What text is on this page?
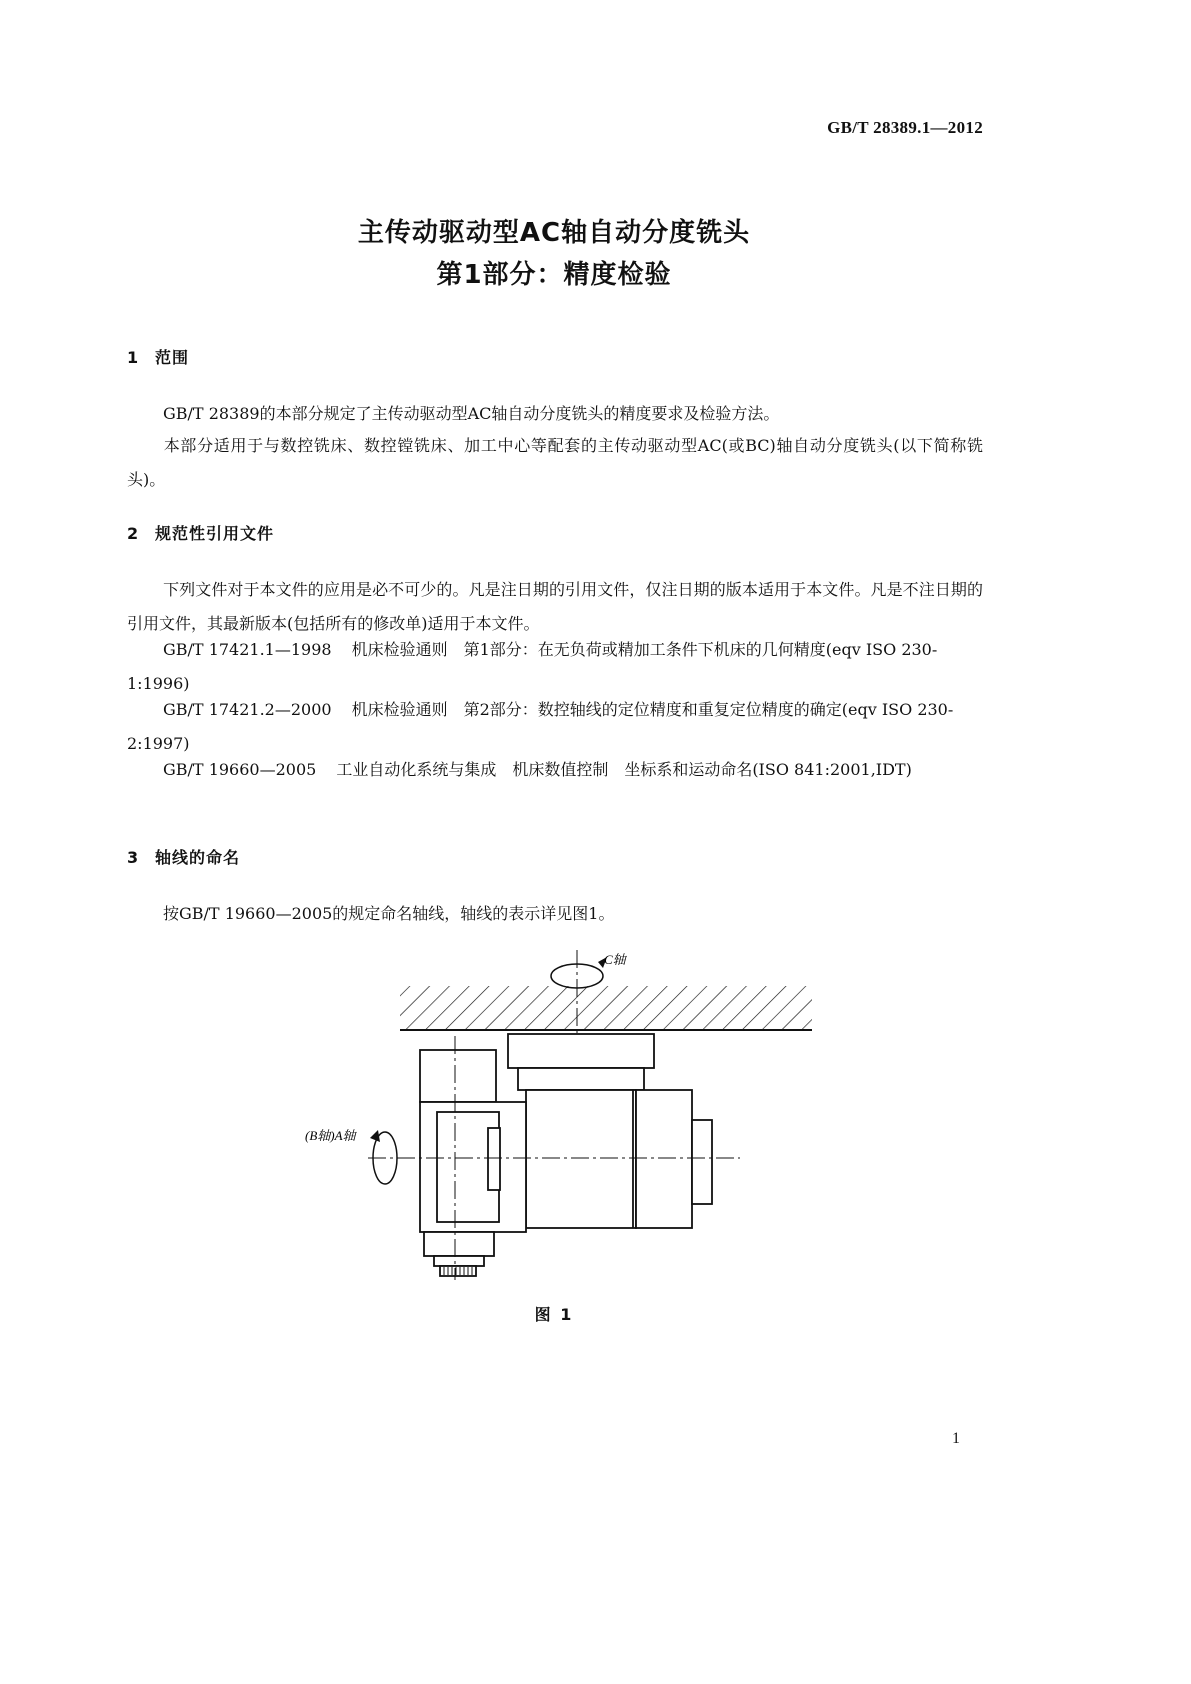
GB/T 28389.1—2012
主传动驱动型AC轴自动分度铣头
第1部分：精度检验
1 范围
GB/T 28389的本部分规定了主传动驱动型AC轴自动分度铣头的精度要求及检验方法。
本部分适用于与数控铣床、数控镗铣床、加工中心等配套的主传动驱动型AC(或BC)轴自动分度铣头(以下简称铣头)。
2 规范性引用文件
下列文件对于本文件的应用是必不可少的。凡是注日期的引用文件，仅注日期的版本适用于本文件。凡是不注日期的引用文件，其最新版本(包括所有的修改单)适用于本文件。
GB/T 17421.1—1998 机床检验通则　第1部分：在无负荷或精加工条件下机床的几何精度(eqv ISO 230-1:1996)
GB/T 17421.2—2000 机床检验通则　第2部分：数控轴线的定位精度和重复定位精度的确定(eqv ISO 230-2:1997)
GB/T 19660—2005 工业自动化系统与集成　机床数值控制　坐标系和运动命名(ISO 841:2001,IDT)
3 轴线的命名
按GB/T 19660—2005的规定命名轴线，轴线的表示详见图1。
C轴
(B轴)A轴
图 1
1
